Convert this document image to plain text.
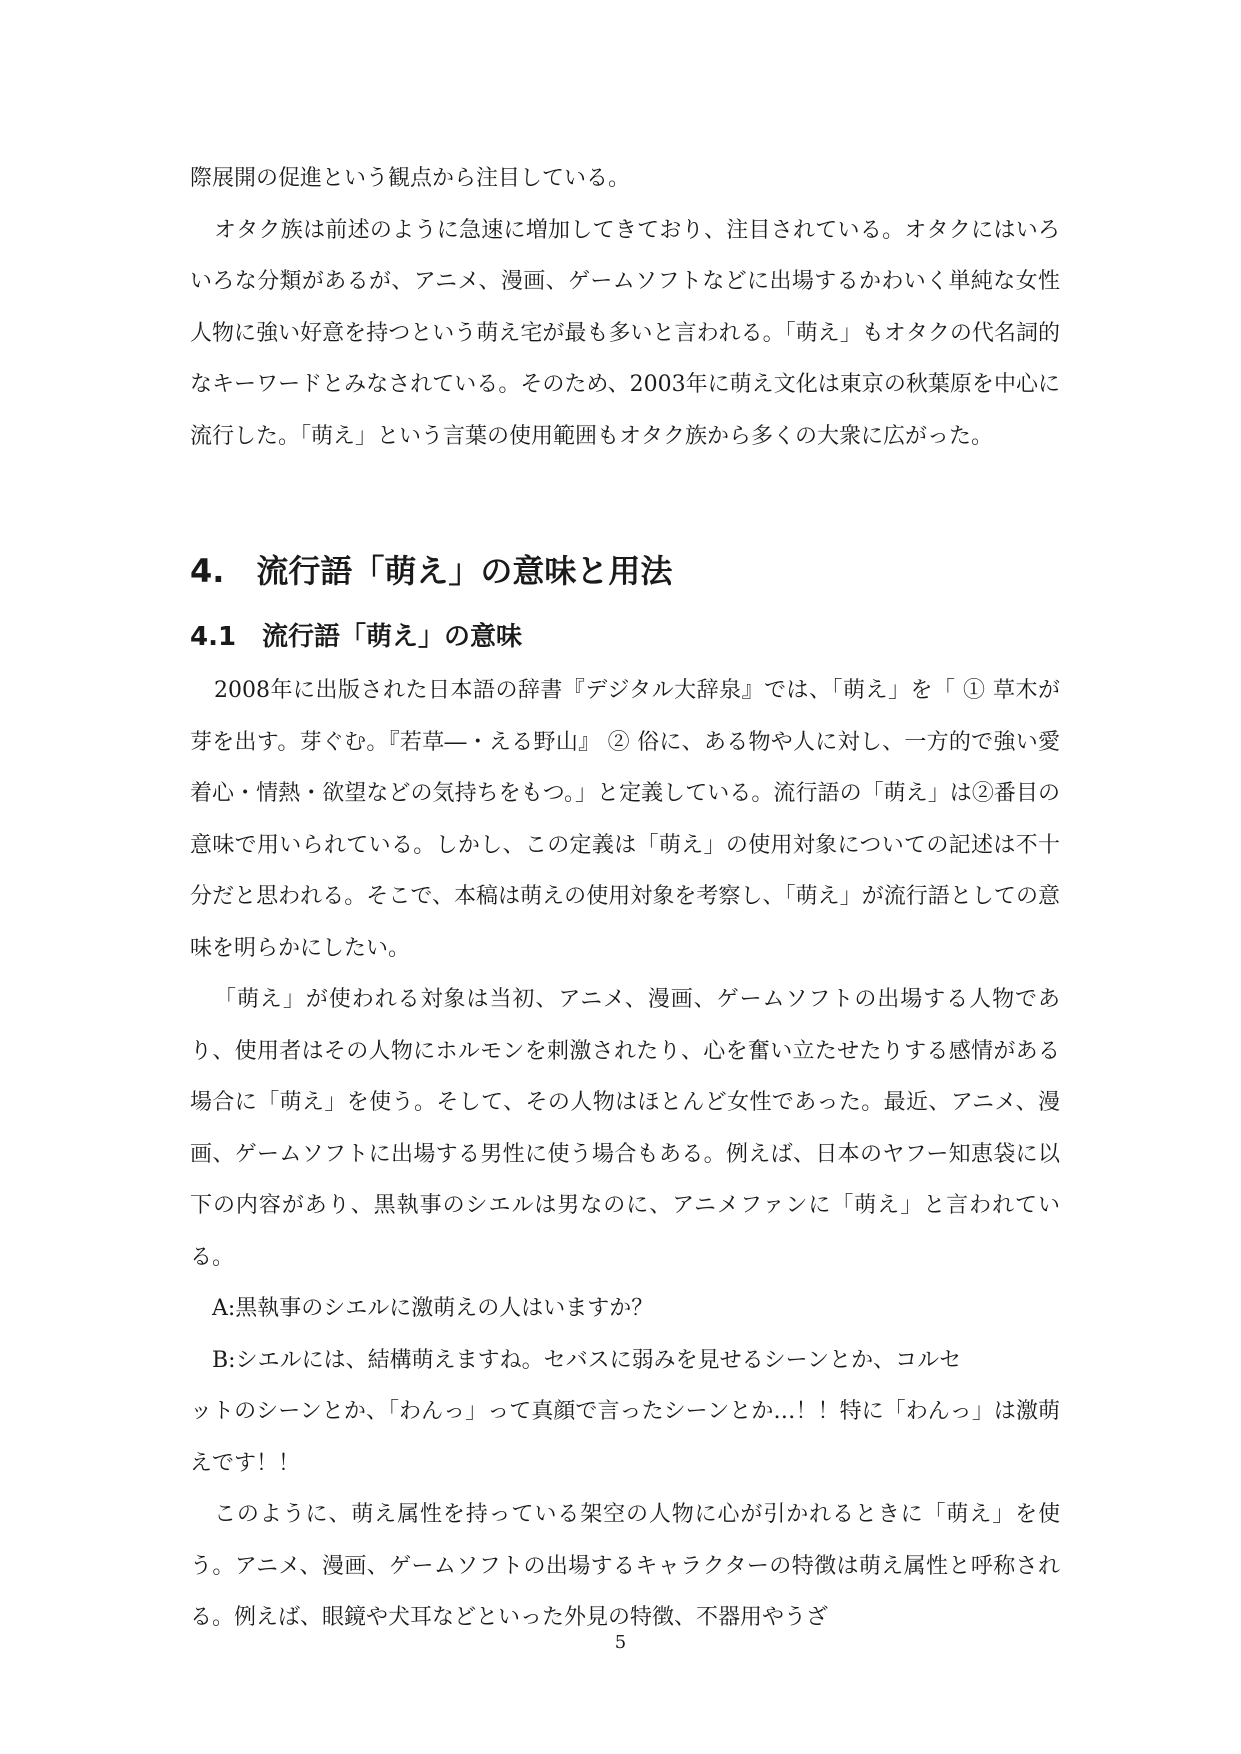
際展開の促進という観点から注目している。

オタク族は前述のように急速に増加してきており、注目されている。オタクにはいろいろな分類があるが、アニメ、漫画、ゲームソフトなどに出場するかわいく単純な女性人物に強い好意を持つという萌え宅が最も多いと言われる。「萌え」もオタクの代名詞的なキーワードとみなされている。そのため、2003年に萌え文化は東京の秋葉原を中心に流行した。「萌え」という言葉の使用範囲もオタク族から多くの大衆に広がった。

4.　流行語「萌え」の意味と用法
4.1　流行語「萌え」の意味

2008年に出版された日本語の辞書『デジタル大辞泉』では、「萌え」を「 ① 草木が芽を出す。芽ぐむ。『若草―・える野山』 ② 俗に、ある物や人に対し、一方的で強い愛着心・情熱・欲望などの気持ちをもつ。」と定義している。流行語の「萌え」は②番目の意味で用いられている。しかし、この定義は「萌え」の使用対象についての記述は不十分だと思われる。そこで、本稿は萌えの使用対象を考察し、「萌え」が流行語としての意味を明らかにしたい。

「萌え」が使われる対象は当初、アニメ、漫画、ゲームソフトの出場する人物であり、使用者はその人物にホルモンを刺激されたり、心を奮い立たせたりする感情がある場合に「萌え」を使う。そして、その人物はほとんど女性であった。最近、アニメ、漫画、ゲームソフトに出場する男性に使う場合もある。例えば、日本のヤフー知恵袋に以下の内容があり、黒執事のシエルは男なのに、アニメファンに「萌え」と言われている。

A:黒執事のシエルに激萌えの人はいますか？

B:シエルには、結構萌えますね。セバスに弱みを見せるシーンとか、コルセ

ットのシーンとか、「わんっ」って真顔で言ったシーンとか…！！特に「わんっ」は激萌えです！！

このように、萌え属性を持っている架空の人物に心が引かれるときに「萌え」を使う。アニメ、漫画、ゲームソフトの出場するキャラクターの特徴は萌え属性と呼称される。例えば、眼鏡や犬耳などといった外見の特徴、不器用やうざ

5
